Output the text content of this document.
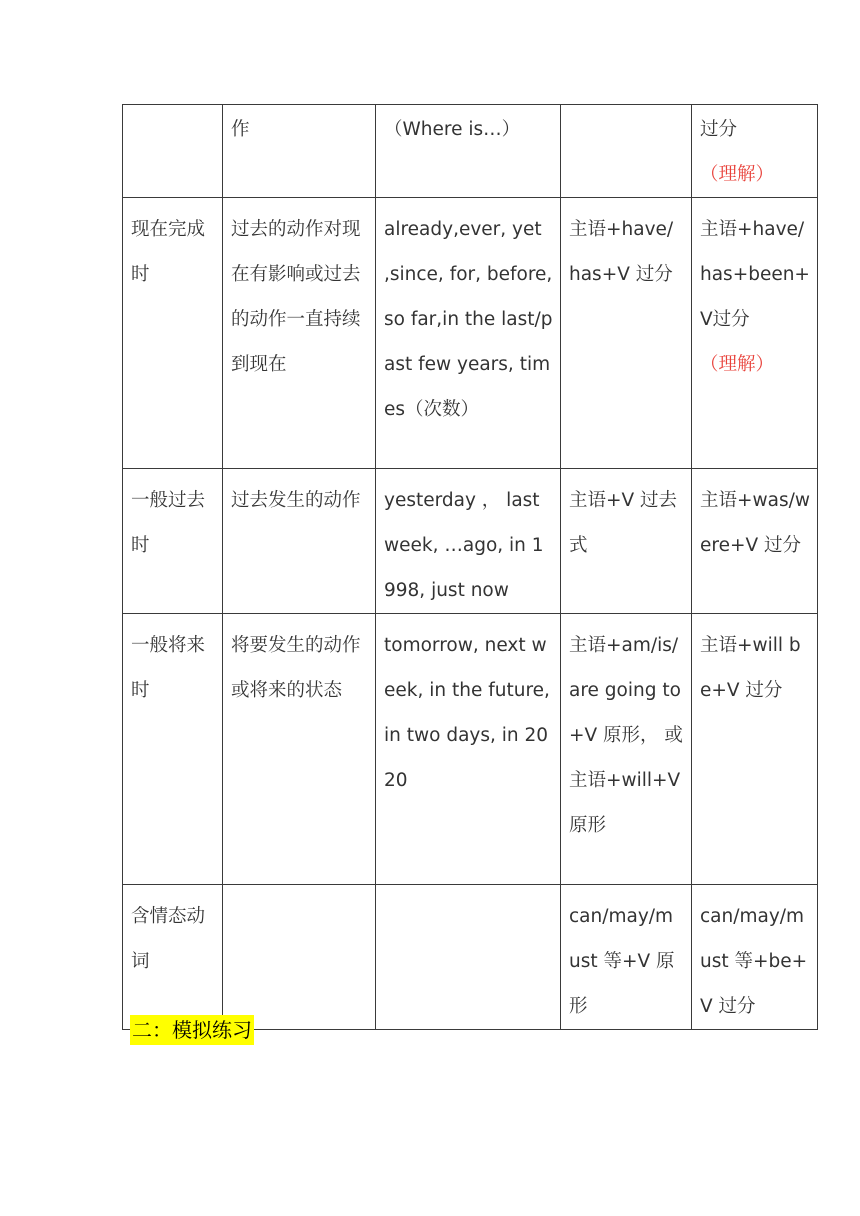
	作	（Where is…）		过分（理解）

现在完成时	过去的动作对现在有影响或过去的动作一直持续到现在	already,ever, yet ,since, for, before,so far,in the last/past few years, times（次数）	主语+have/has+V 过分	主语+have/has+been+V过分
（理解）

一般过去时	过去发生的动作	yesterday ， last week, …ago, in 1998, just now	主语+V 过去式	主语+was/were+V 过分

一般将来时	将要发生的动作或将来的状态	tomorrow, next week, in the future, in two days, in 2020	主语+am/is/are going to +V 原形， 或主语+will+V 原形	主语+will be+V 过分

含情态动词			can/may/must 等+V 原形	can/may/must 等+be+V 过分
二：模拟练习
